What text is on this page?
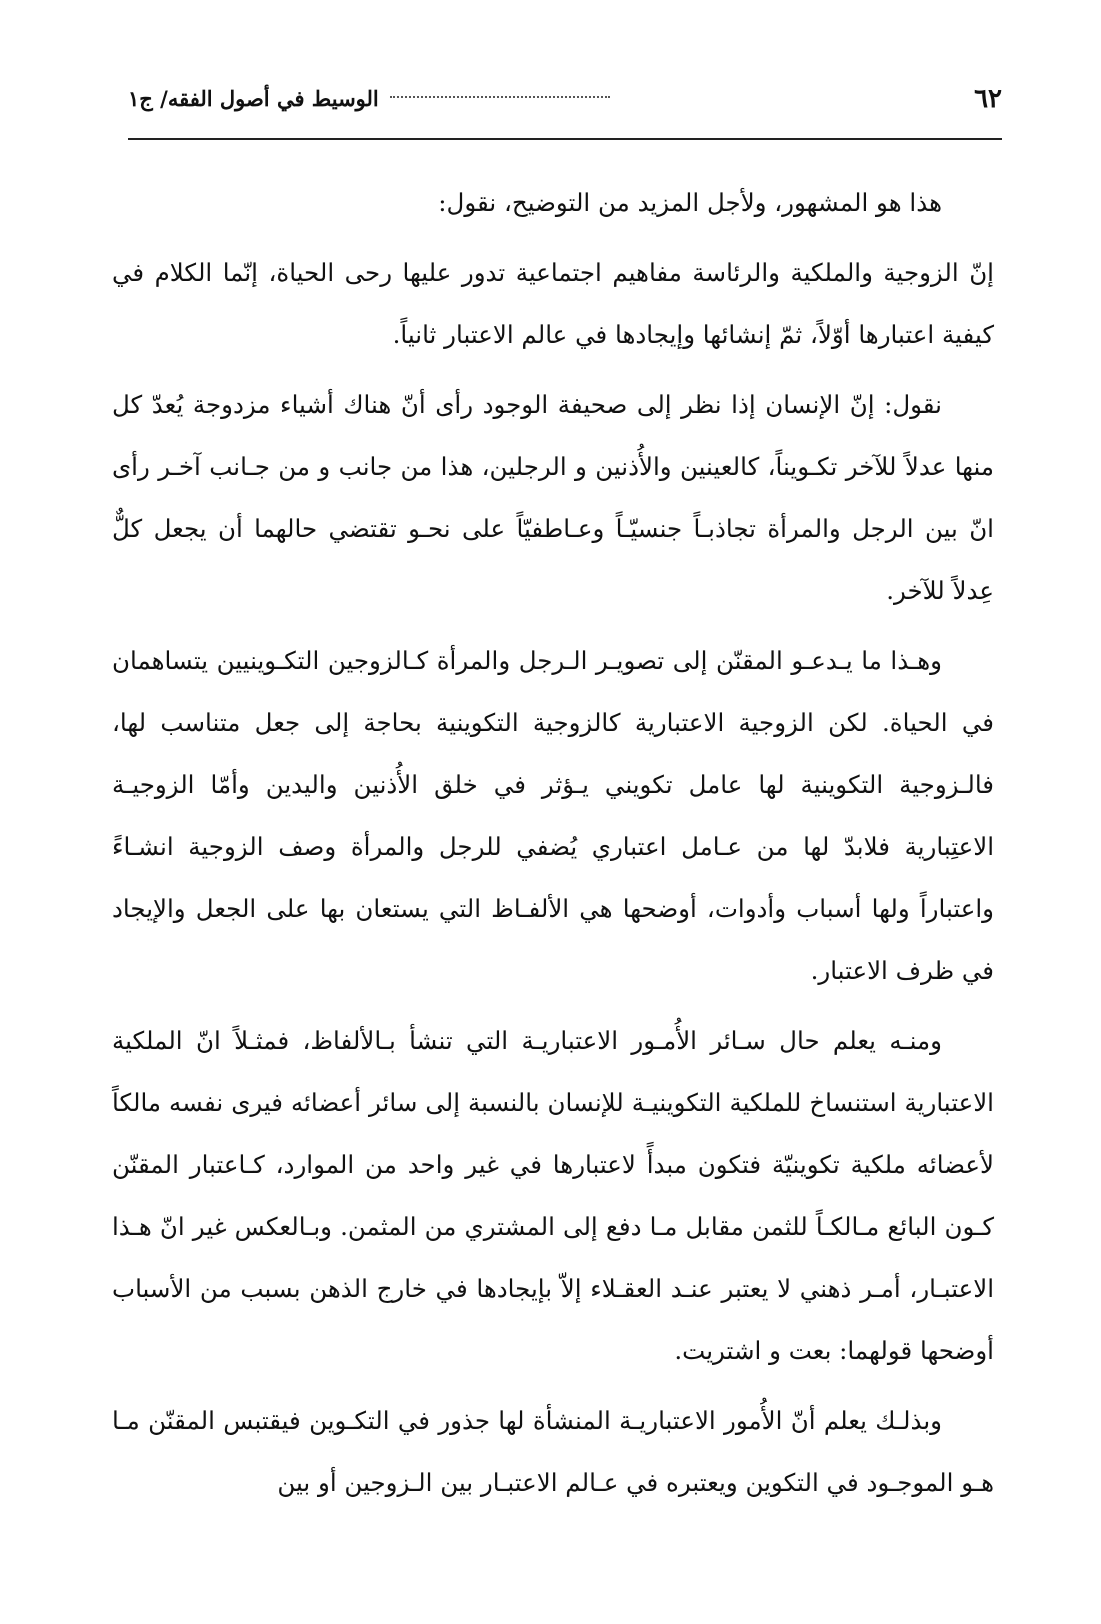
٦٢
الوسيط في أصول الفقه/ ج١

هذا هو المشهور، ولأجل المزيد من التوضيح، نقول:

إنّ الزوجية والملكية والرئاسة مفاهيم اجتماعية تدور عليها رحى الحياة، إنّما الكلام في كيفية اعتبارها أوّلاً، ثمّ إنشائها وإيجادها في عالم الاعتبار ثانياً.

نقول: إنّ الإنسان إذا نظر إلى صحيفة الوجود رأى أنّ هناك أشياء مزدوجة يُعدّ كل منها عدلاً للآخر تكـويناً، كالعينين والأُذنين و الرجلين، هذا من جانب و من جـانب آخـر رأى انّ بين الرجل والمرأة تجاذبـاً جنسيّـاً وعـاطفيّاً على نحـو تقتضي حالهما أن يجعل كلٌّ عِدلاً للآخر.

وهـذا ما يـدعـو المقنّن إلى تصويـر الـرجل والمرأة كـالزوجين التكـوينيين يتساهمان في الحياة. لكن الزوجية الاعتبارية كالزوجية التكوينية بحاجة إلى جعل متناسب لها، فالـزوجية التكوينية لها عامل تكويني يـؤثر في خلق الأُذنين واليدين وأمّا الزوجيـة الاعتِبارية فلابدّ لها من عـامل اعتباري يُضفي للرجل والمرأة وصف الزوجية انشـاءً واعتباراً ولها أسباب وأدوات، أوضحها هي الألفـاظ التي يستعان بها على الجعل والإيجاد في ظرف الاعتبار.

ومنـه يعلم حال سـائر الأُمـور الاعتباريـة التي تنشأ بـالألفاظ، فمثـلاً انّ الملكية الاعتبارية استنساخ للملكية التكوينيـة للإنسان بالنسبة إلى سائر أعضائه فيرى نفسه مالكاً لأعضائه ملكية تكوينيّة فتكون مبدأً لاعتبارها في غير واحد من الموارد، كـاعتبار المقنّن كـون البائع مـالكـاً للثمن مقابل مـا دفع إلى المشتري من المثمن. وبـالعكس غير انّ هـذا الاعتبـار، أمـر ذهني لا يعتبر عنـد العقـلاء إلاّ بإيجادها في خارج الذهن بسبب من الأسباب أوضحها قولهما: بعت و اشتريت.

وبذلـك يعلم أنّ الأُمور الاعتباريـة المنشأة لها جذور في التكـوين فيقتبس المقنّن مـا هـو الموجـود في التكوين ويعتبره في عـالم الاعتبـار بين الـزوجين أو بين
